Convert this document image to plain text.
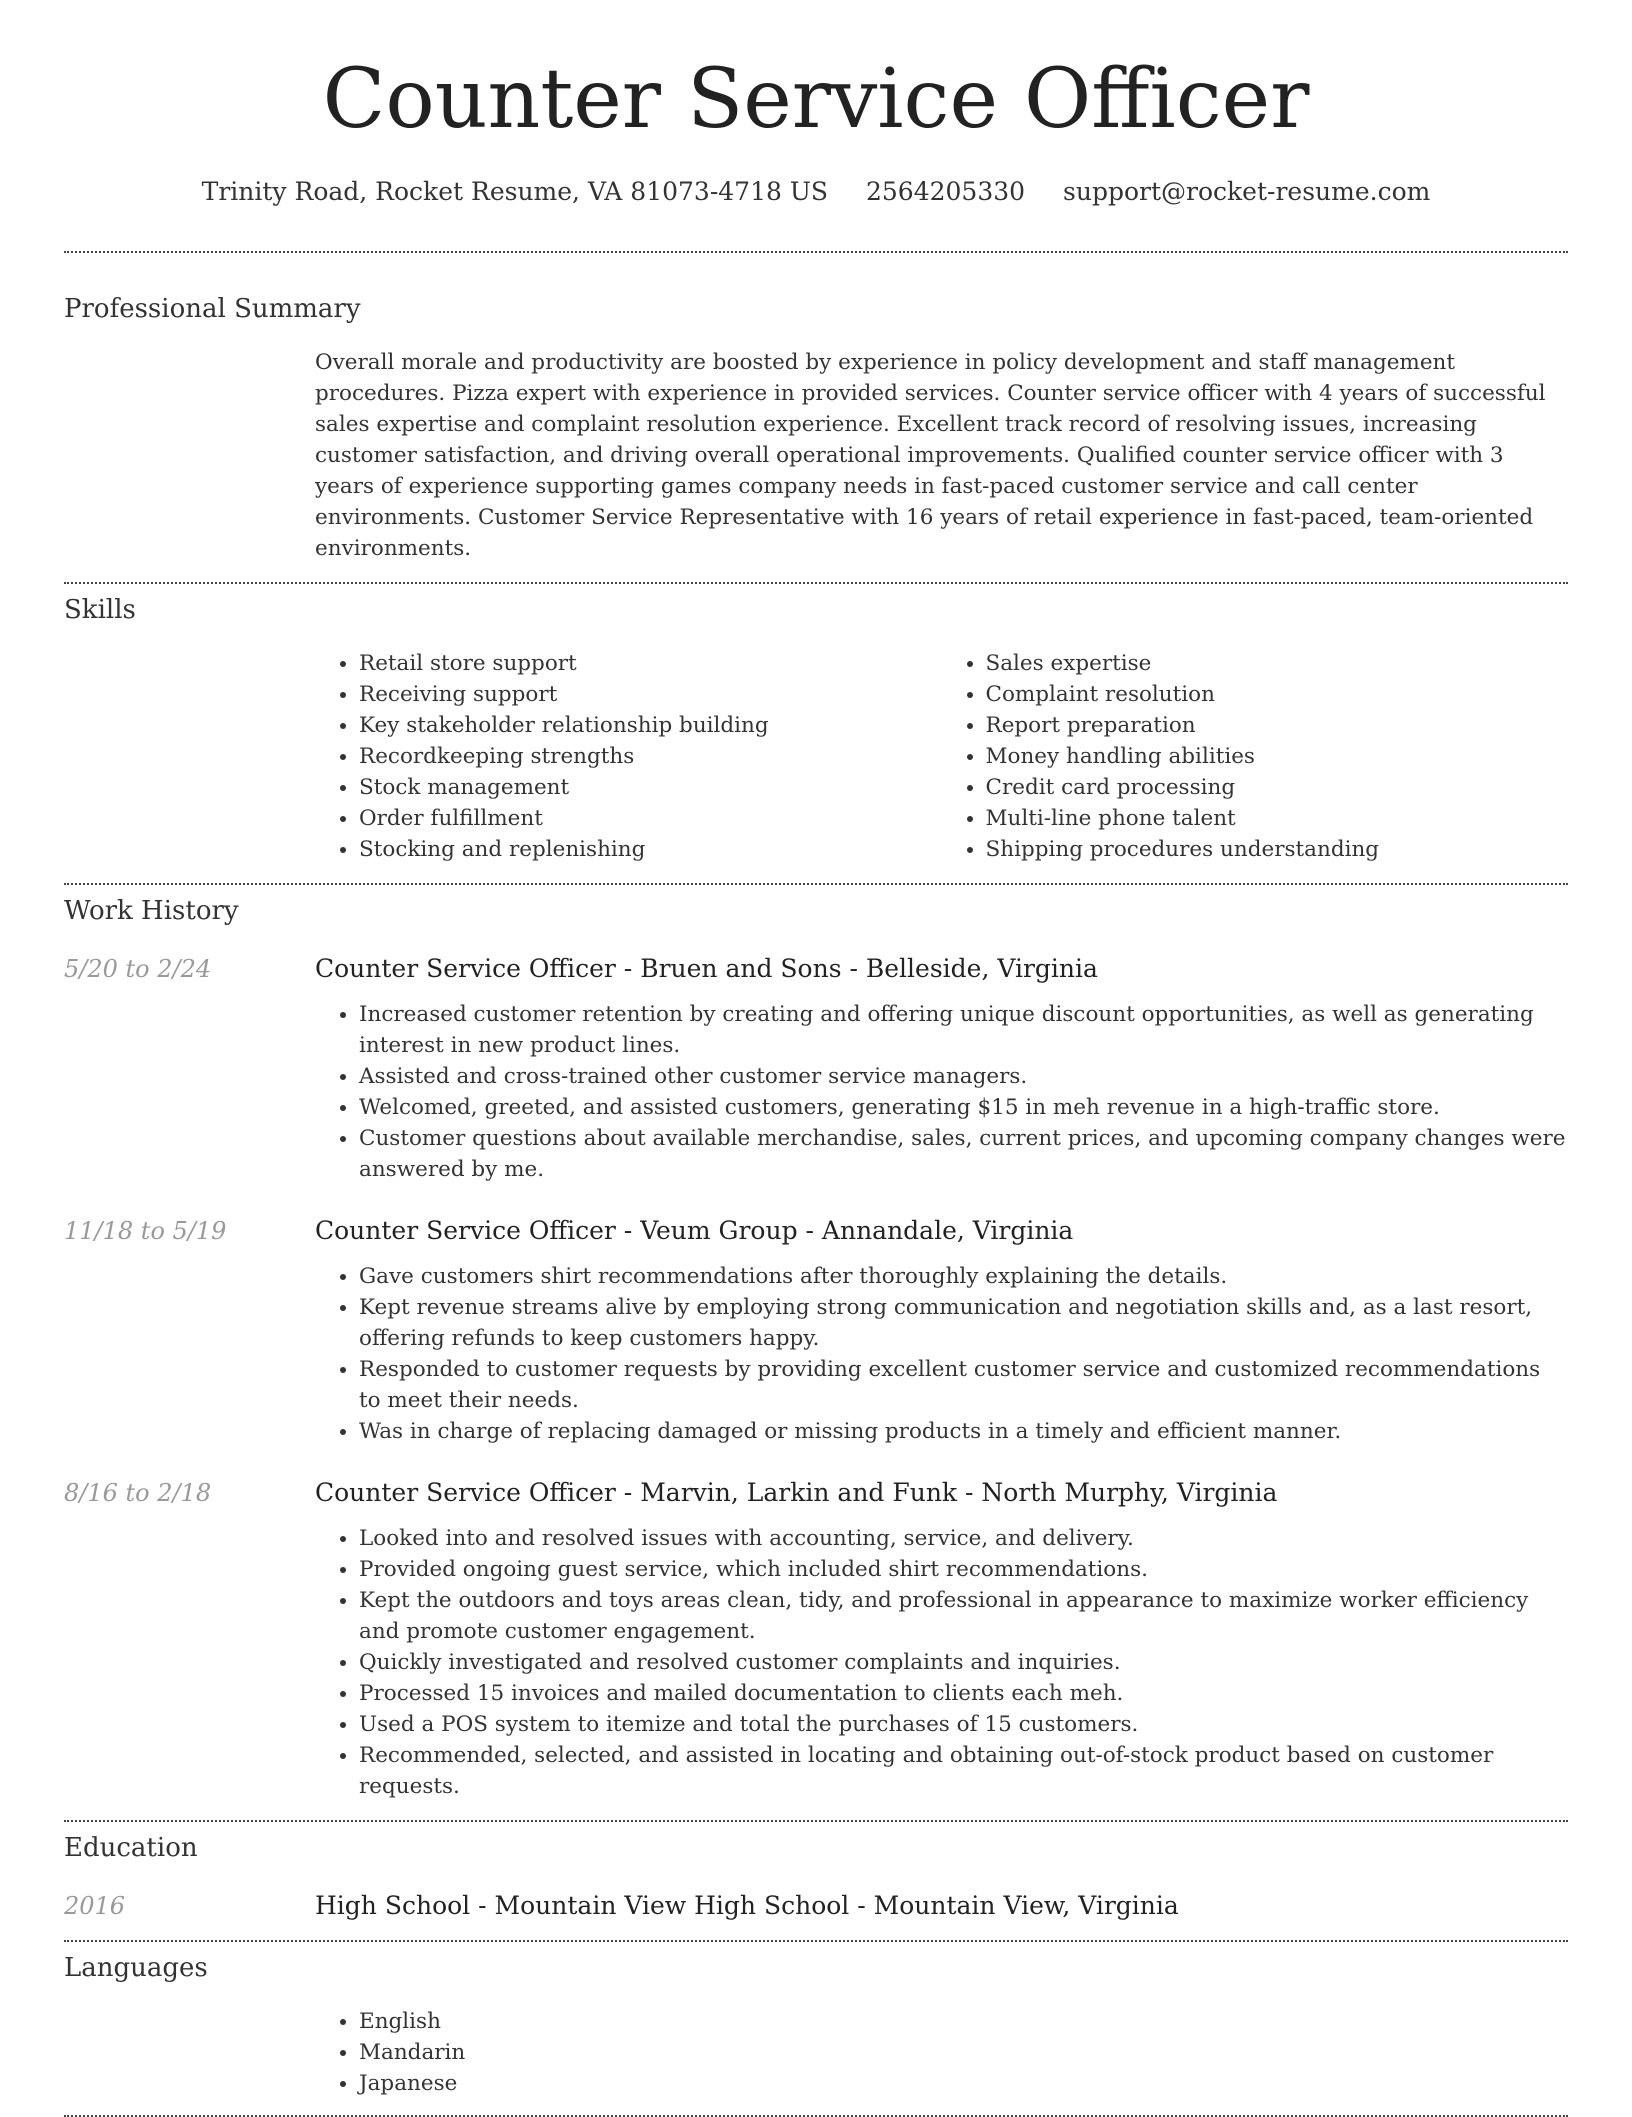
Counter Service Officer
Trinity Road, Rocket Resume, VA 81073-4718 US 2564205330 support@rocket-resume.com
Professional Summary

Overall morale and productivity are boosted by experience in policy development and staff management procedures. Pizza expert with experience in provided services. Counter service officer with 4 years of successful sales expertise and complaint resolution experience. Excellent track record of resolving issues, increasing customer satisfaction, and driving overall operational improvements. Qualified counter service officer with 3 years of experience supporting games company needs in fast-paced customer service and call center environments. Customer Service Representative with 16 years of retail experience in fast-paced, team-oriented environments.

Skills
• Retail store support
• Receiving support
• Key stakeholder relationship building
• Recordkeeping strengths
• Stock management
• Order fulfillment
• Stocking and replenishing
• Sales expertise
• Complaint resolution
• Report preparation
• Money handling abilities
• Credit card processing
• Multi-line phone talent
• Shipping procedures understanding
Work History
5/20 to 2/24	Counter Service Officer - Bruen and Sons - Belleside, Virginia
• Increased customer retention by creating and offering unique discount opportunities, as well as generating interest in new product lines.
• Assisted and cross-trained other customer service managers.
• Welcomed, greeted, and assisted customers, generating $15 in meh revenue in a high-traffic store.
• Customer questions about available merchandise, sales, current prices, and upcoming company changes were answered by me.
11/18 to 5/19	Counter Service Officer - Veum Group - Annandale, Virginia
• Gave customers shirt recommendations after thoroughly explaining the details.
• Kept revenue streams alive by employing strong communication and negotiation skills and, as a last resort, offering refunds to keep customers happy.
• Responded to customer requests by providing excellent customer service and customized recommendations to meet their needs.
• Was in charge of replacing damaged or missing products in a timely and efficient manner.
8/16 to 2/18	Counter Service Officer - Marvin, Larkin and Funk - North Murphy, Virginia
• Looked into and resolved issues with accounting, service, and delivery.
• Provided ongoing guest service, which included shirt recommendations.
• Kept the outdoors and toys areas clean, tidy, and professional in appearance to maximize worker efficiency and promote customer engagement.
• Quickly investigated and resolved customer complaints and inquiries.
• Processed 15 invoices and mailed documentation to clients each meh.
• Used a POS system to itemize and total the purchases of 15 customers.
• Recommended, selected, and assisted in locating and obtaining out-of-stock product based on customer requests.
Education
2016	High School - Mountain View High School - Mountain View, Virginia
Languages
• English
• Mandarin
• Japanese
